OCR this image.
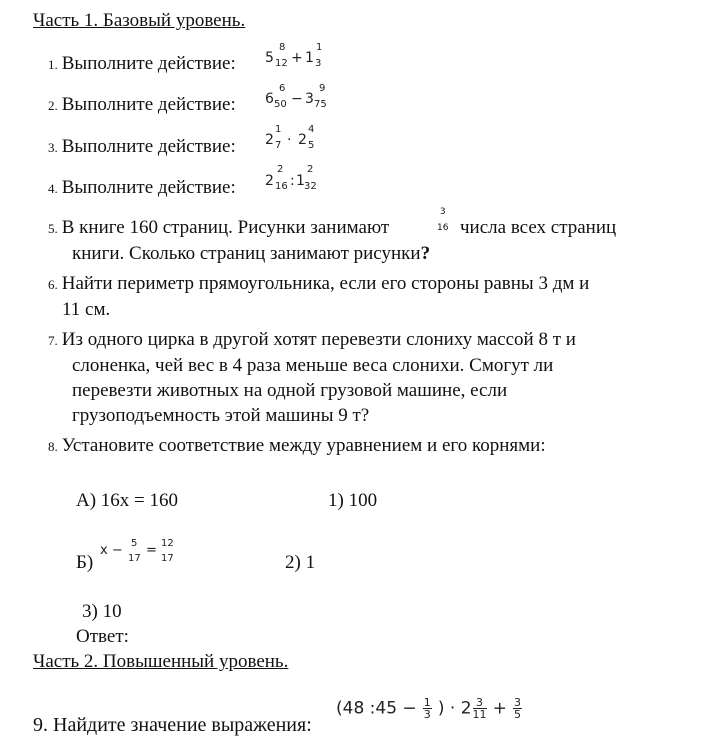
Часть 1. Базовый уровень.
1. Выполните действие: 5
8
12 + 1
1
3
2. Выполните действие: 6
6
50 − 3
9
75
3. Выполните действие: 2
1
7 · 2
4
5
4. Выполните действие: 2
2
16 : 1
2
32
5. В книге 160 страниц. Рисунки занимают
3
16 числа всех страниц
книги. Сколько страниц занимают рисунки?
6. Найти периметр прямоугольника, если его стороны равны 3 дм и
11 см.
7. Из одного цирка в другой хотят перевезти слониху массой 8 т и
слоненка, чей вес в 4 раза меньше веса слонихи. Смогут ли
перевезти животных на одной грузовой машине, если
грузоподъемность этой машины 9 т?
8. Установите соответствие между уравнением и его корнями:
А) 16х = 160	1) 100
Б)
x − 5
17
= 12
17	2) 1
3) 10
Ответ:
Часть 2. Повышенный уровень.
9. Найдите значение выражения:
(48 :45 − $\frac{1}{3}$ ) · $2 \frac{3}{11} + \frac{3}{5}$
